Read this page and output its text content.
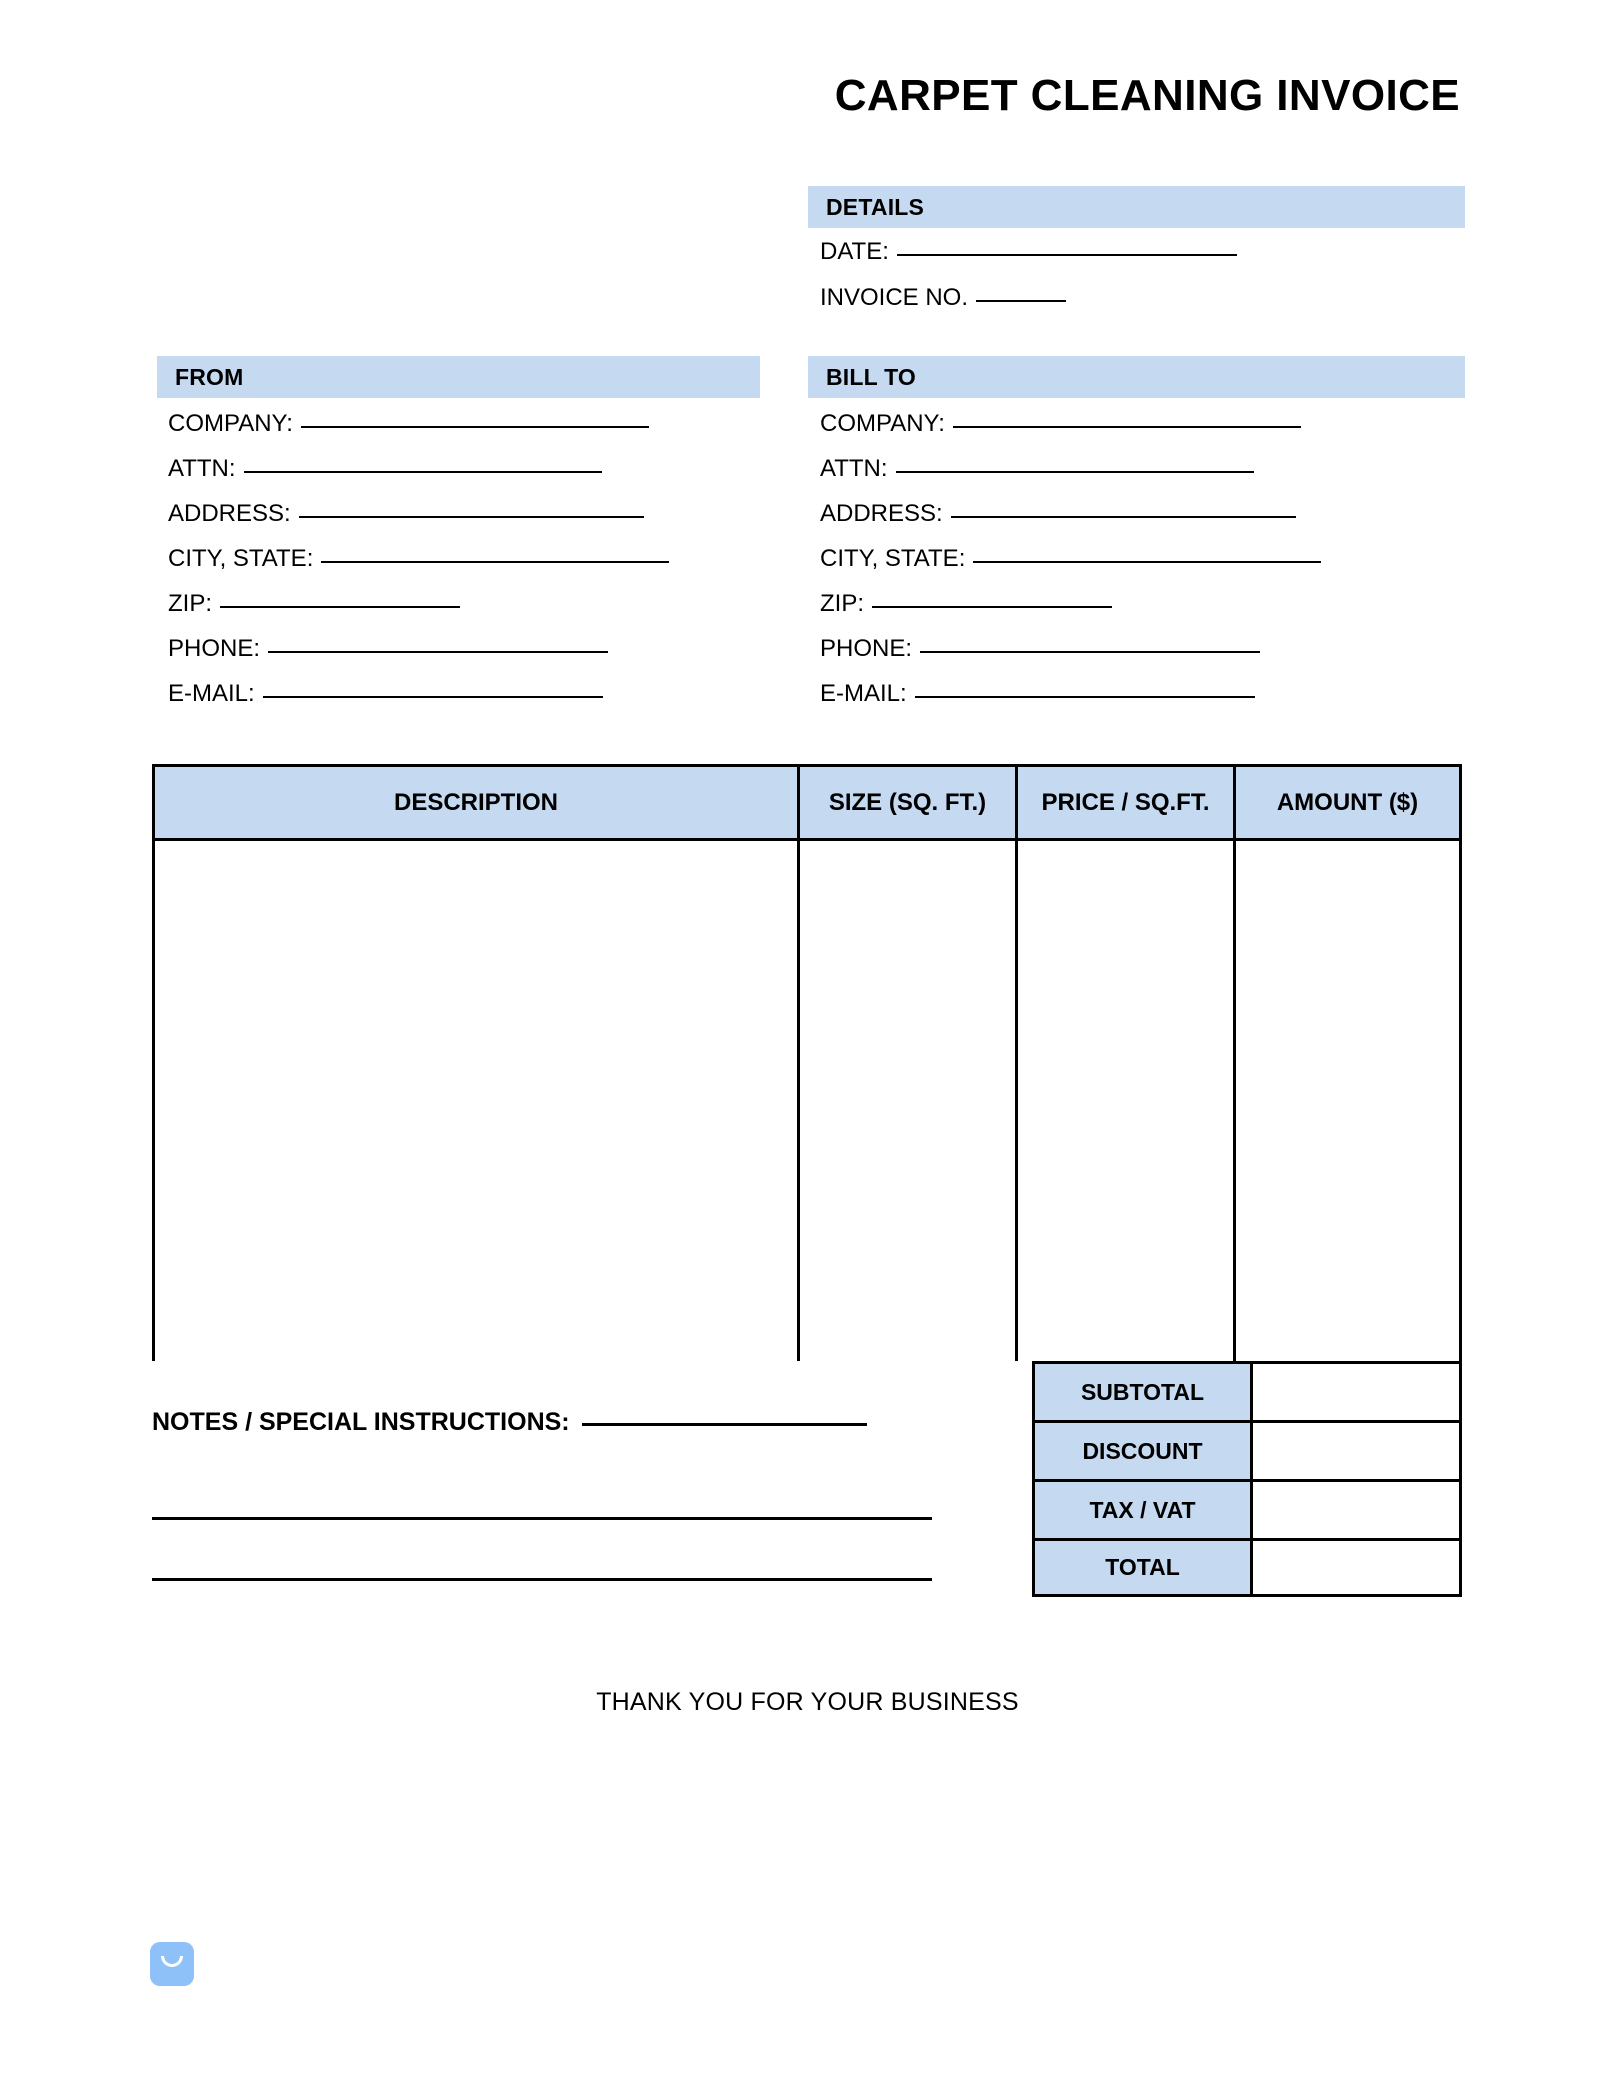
CARPET CLEANING INVOICE
DETAILS
DATE:
INVOICE NO.
FROM
COMPANY:
ATTN:
ADDRESS:
CITY, STATE:
ZIP:
PHONE:
E-MAIL:
BILL TO
COMPANY:
ATTN:
ADDRESS:
CITY, STATE:
ZIP:
PHONE:
E-MAIL:
DESCRIPTION	SIZE (SQ. FT.)	PRICE / SQ.FT.	AMOUNT ($)
SUBTOTAL
DISCOUNT
TAX / VAT
TOTAL
NOTES / SPECIAL INSTRUCTIONS:
THANK YOU FOR YOUR BUSINESS
